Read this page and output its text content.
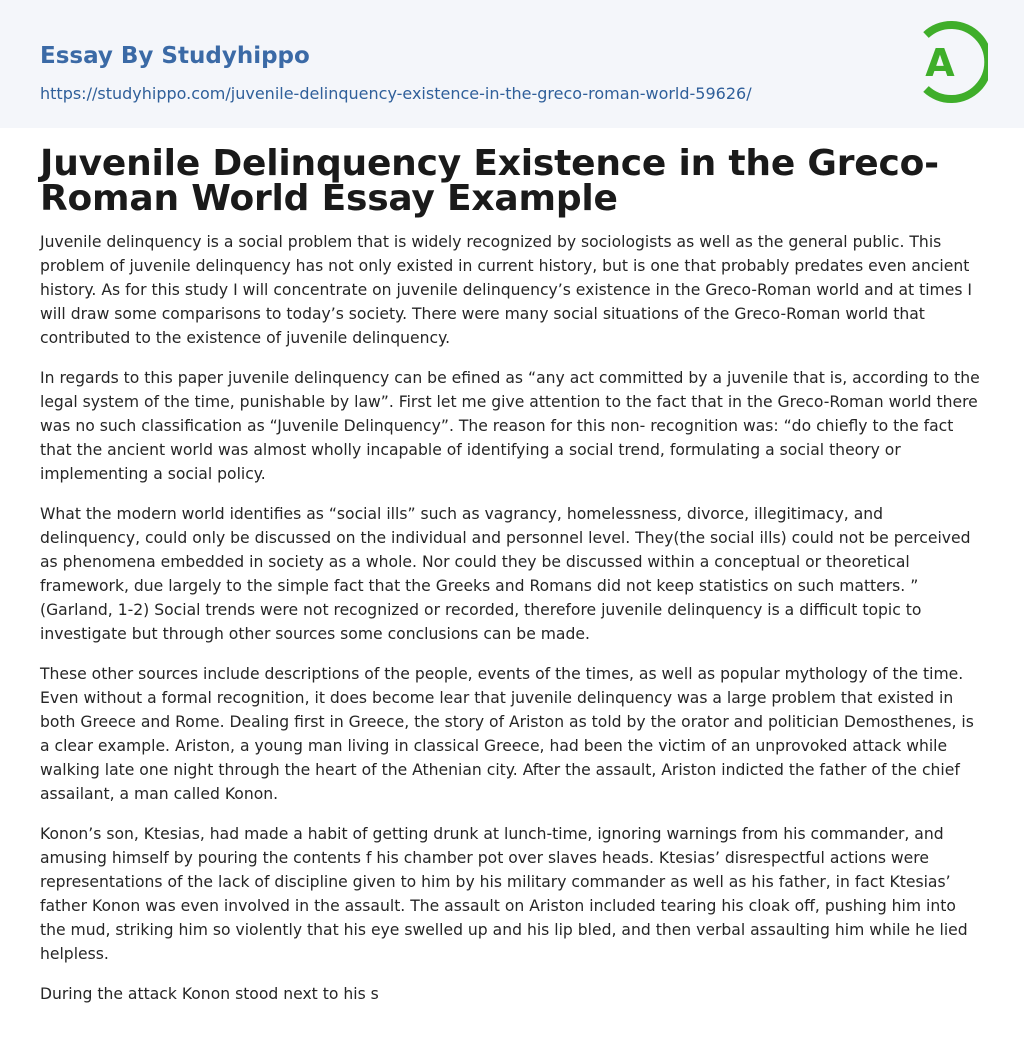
Essay By Studyhippo
https://studyhippo.com/juvenile-delinquency-existence-in-the-greco-roman-world-59626/
A
Juvenile Delinquency Existence in the Greco-Roman World Essay Example

Juvenile delinquency is a social problem that is widely recognized by sociologists as well as the general public. This problem of juvenile delinquency has not only existed in current history, but is one that probably predates even ancient history. As for this study I will concentrate on juvenile delinquency’s existence in the Greco-Roman world and at times I will draw some comparisons to today’s society. There were many social situations of the Greco-Roman world that contributed to the existence of juvenile delinquency.

In regards to this paper juvenile delinquency can be efined as “any act committed by a juvenile that is, according to the legal system of the time, punishable by law”. First let me give attention to the fact that in the Greco-Roman world there was no such classification as “Juvenile Delinquency”. The reason for this non- recognition was: “do chiefly to the fact that the ancient world was almost wholly incapable of identifying a social trend, formulating a social theory or implementing a social policy.

What the modern world identifies as “social ills” such as vagrancy, homelessness, divorce, illegitimacy, and delinquency, could only be discussed on the individual and personnel level. They(the social ills) could not be perceived as phenomena embedded in society as a whole. Nor could they be discussed within a conceptual or theoretical framework, due largely to the simple fact that the Greeks and Romans did not keep statistics on such matters. ” (Garland, 1-2) Social trends were not recognized or recorded, therefore juvenile delinquency is a difficult topic to investigate but through other sources some conclusions can be made.

These other sources include descriptions of the people, events of the times, as well as popular mythology of the time. Even without a formal recognition, it does become lear that juvenile delinquency was a large problem that existed in both Greece and Rome. Dealing first in Greece, the story of Ariston as told by the orator and politician Demosthenes, is a clear example. Ariston, a young man living in classical Greece, had been the victim of an unprovoked attack while walking late one night through the heart of the Athenian city. After the assault, Ariston indicted the father of the chief assailant, a man called Konon.

Konon’s son, Ktesias, had made a habit of getting drunk at lunch-time, ignoring warnings from his commander, and amusing himself by pouring the contents f his chamber pot over slaves heads. Ktesias’ disrespectful actions were representations of the lack of discipline given to him by his military commander as well as his father, in fact Ktesias’ father Konon was even involved in the assault. The assault on Ariston included tearing his cloak off, pushing him into the mud, striking him so violently that his eye swelled up and his lip bled, and then verbal assaulting him while he lied helpless.

During the attack Konon stood next to his s
